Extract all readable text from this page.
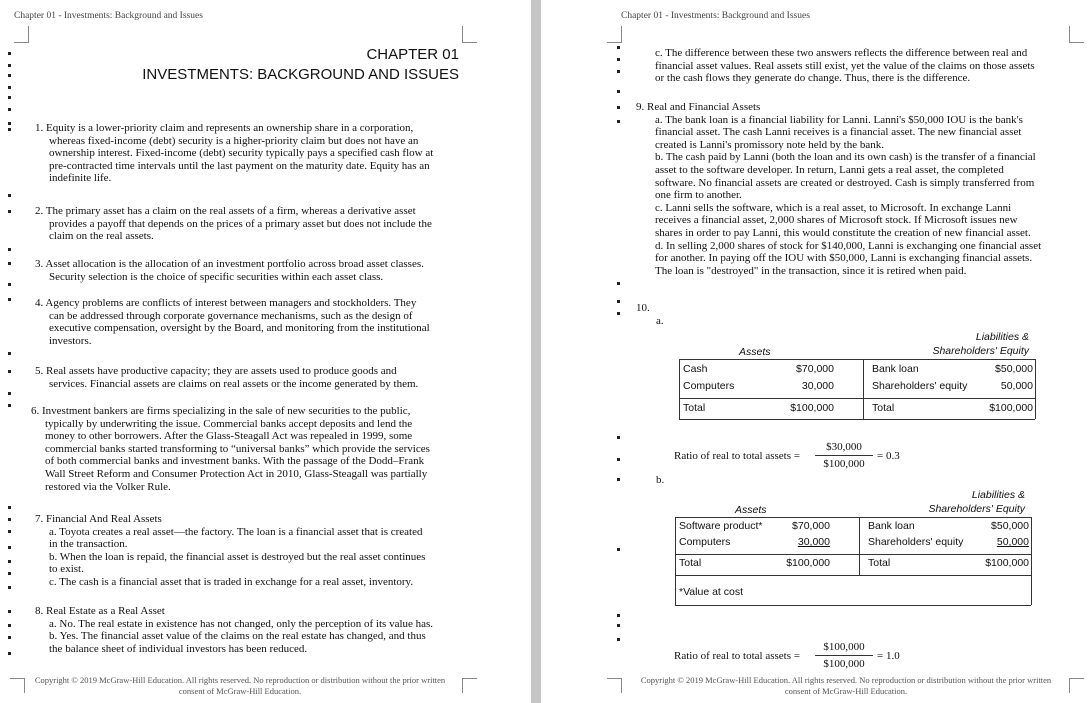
Chapter 01 - Investments: Background and Issues
CHAPTER 01
INVESTMENTS: BACKGROUND AND ISSUES
1. Equity is a lower-priority claim and represents an ownership share in a corporation,
whereas fixed-income (debt) security is a higher-priority claim but does not have an
ownership interest. Fixed-income (debt) security typically pays a specified cash flow at
pre-contracted time intervals until the last payment on the maturity date. Equity has an
indefinite life.
2. The primary asset has a claim on the real assets of a firm, whereas a derivative asset
provides a payoff that depends on the prices of a primary asset but does not include the
claim on the real assets.
3. Asset allocation is the allocation of an investment portfolio across broad asset classes.
Security selection is the choice of specific securities within each asset class.
4. Agency problems are conflicts of interest between managers and stockholders. They
can be addressed through corporate governance mechanisms, such as the design of
executive compensation, oversight by the Board, and monitoring from the institutional
investors.
5. Real assets have productive capacity; they are assets used to produce goods and
services. Financial assets are claims on real assets or the income generated by them.
6. Investment bankers are firms specializing in the sale of new securities to the public,
typically by underwriting the issue. Commercial banks accept deposits and lend the
money to other borrowers. After the Glass-Steagall Act was repealed in 1999, some
commercial banks started transforming to “universal banks” which provide the services
of both commercial banks and investment banks. With the passage of the Dodd–Frank
Wall Street Reform and Consumer Protection Act in 2010, Glass-Steagall was partially
restored via the Volker Rule.
7. Financial And Real Assets
a. Toyota creates a real asset—the factory. The loan is a financial asset that is created
in the transaction.
b. When the loan is repaid, the financial asset is destroyed but the real asset continues
to exist.
c. The cash is a financial asset that is traded in exchange for a real asset, inventory.
8. Real Estate as a Real Asset
a. No. The real estate in existence has not changed, only the perception of its value has.
b. Yes. The financial asset value of the claims on the real estate has changed, and thus
the balance sheet of individual investors has been reduced.
Copyright © 2019 McGraw-Hill Education. All rights reserved. No reproduction or distribution without the prior written
consent of McGraw-Hill Education.
Chapter 01 - Investments: Background and Issues
c. The difference between these two answers reflects the difference between real and
financial asset values. Real assets still exist, yet the value of the claims on those assets
or the cash flows they generate do change. Thus, there is the difference.
9. Real and Financial Assets
a. The bank loan is a financial liability for Lanni. Lanni's $50,000 IOU is the bank's
financial asset. The cash Lanni receives is a financial asset. The new financial asset
created is Lanni's promissory note held by the bank.
b. The cash paid by Lanni (both the loan and its own cash) is the transfer of a financial
asset to the software developer. In return, Lanni gets a real asset, the completed
software. No financial assets are created or destroyed. Cash is simply transferred from
one firm to another.
c. Lanni sells the software, which is a real asset, to Microsoft. In exchange Lanni
receives a financial asset, 2,000 shares of Microsoft stock. If Microsoft issues new
shares in order to pay Lanni, this would constitute the creation of new financial asset.
d. In selling 2,000 shares of stock for $140,000, Lanni is exchanging one financial asset
for another. In paying off the IOU with $50,000, Lanni is exchanging financial assets.
The loan is "destroyed" in the transaction, since it is retired when paid.
10.
a.
Assets
Liabilities &
Shareholders' Equity
Cash	$70,000	Bank loan	$50,000
Computers	30,000	Shareholders' equity	50,000
Total	$100,000	Total	$100,000
Ratio of real to total assets =
$30,000
$100,000
= 0.3
b.
Assets
Liabilities &
Shareholders' Equity
Software product*	$70,000	Bank loan	$50,000
Computers	30,000	Shareholders' equity	50,000
Total	$100,000	Total	$100,000
*Value at cost
Ratio of real to total assets =
$100,000
$100,000
= 1.0
Copyright © 2019 McGraw-Hill Education. All rights reserved. No reproduction or distribution without the prior written
consent of McGraw-Hill Education.
